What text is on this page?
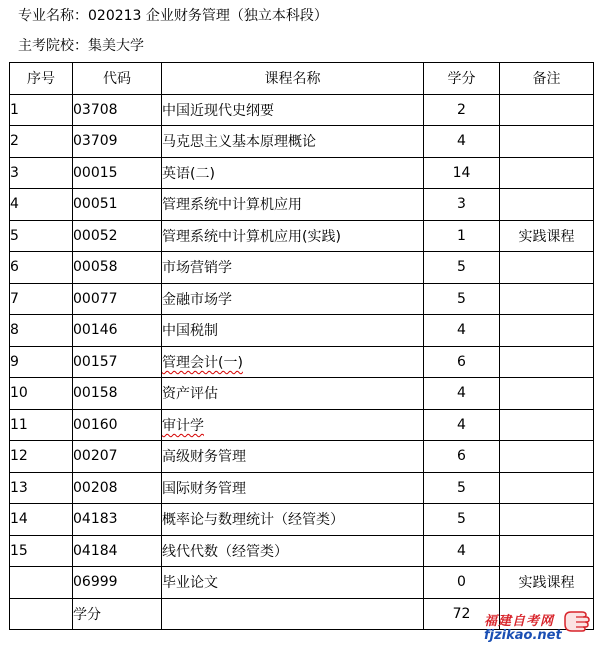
专业名称：020213 企业财务管理（独立本科段）
主考院校：集美大学
序号	代码	课程名称	学分	备注
1	03708	中国近现代史纲要	2	
2	03709	马克思主义基本原理概论	4	
3	00015	英语(二)	14	
4	00051	管理系统中计算机应用	3	
5	00052	管理系统中计算机应用(实践)	1	实践课程
6	00058	市场营销学	5	
7	00077	金融市场学	5	
8	00146	中国税制	4	
9	00157	管理会计(一)	6	
10	00158	资产评估	4	
11	00160	审计学	4	
12	00207	高级财务管理	6	
13	00208	国际财务管理	5	
14	04183	概率论与数理统计（经管类）	5	
15	04184	线代代数（经管类）	4	
	06999	毕业论文	0	实践课程
	学分		72	福建自考网
fjzikao.net
